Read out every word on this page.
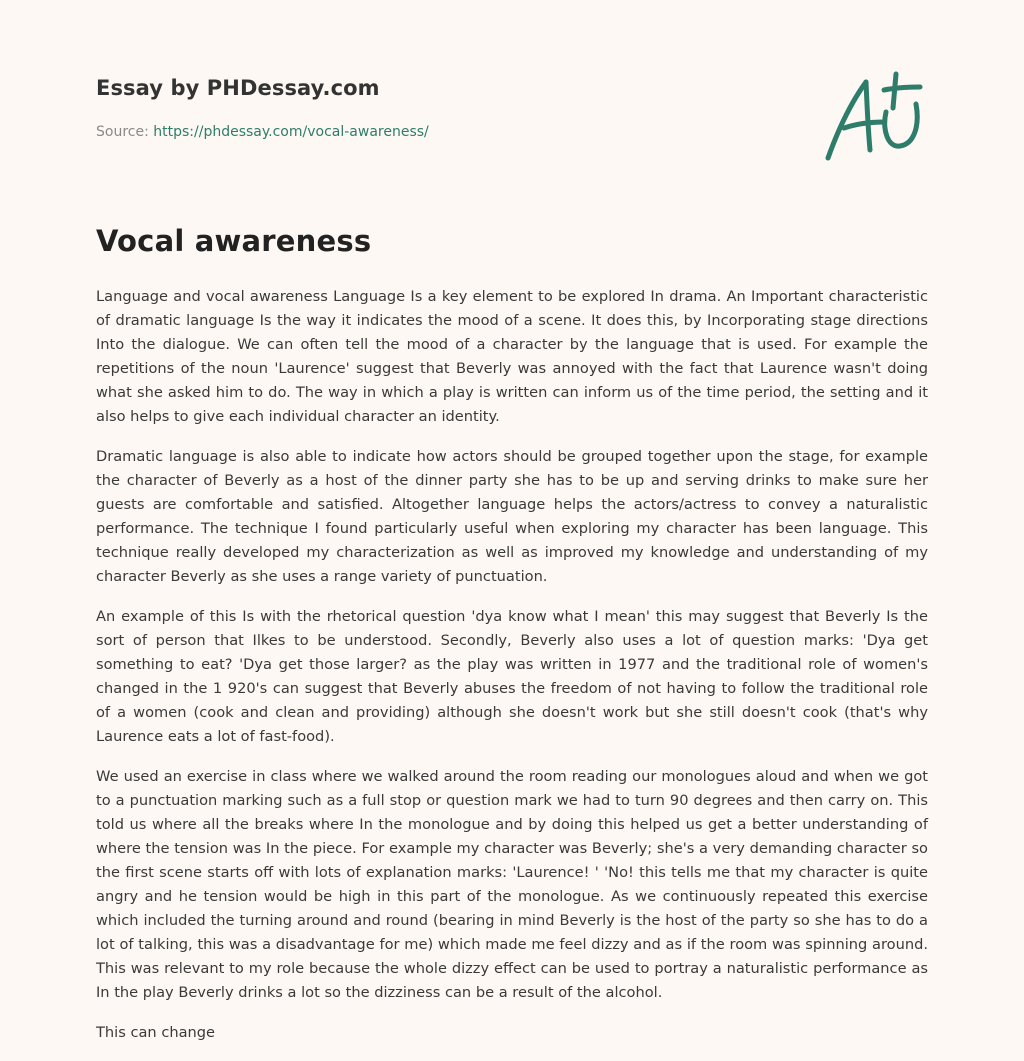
Essay by PHDessay.com
Source: https://phdessay.com/vocal-awareness/
Vocal awareness

Language and vocal awareness Language Is a key element to be explored In drama. An Important characteristic of dramatic language Is the way it indicates the mood of a scene. It does this, by Incorporating stage directions Into the dialogue. We can often tell the mood of a character by the language that is used. For example the repetitions of the noun 'Laurence' suggest that Beverly was annoyed with the fact that Laurence wasn't doing what she asked him to do. The way in which a play is written can inform us of the time period, the setting and it also helps to give each individual character an identity.

Dramatic language is also able to indicate how actors should be grouped together upon the stage, for example the character of Beverly as a host of the dinner party she has to be up and serving drinks to make sure her guests are comfortable and satisfied. Altogether language helps the actors/actress to convey a naturalistic performance. The technique I found particularly useful when exploring my character has been language. This technique really developed my characterization as well as improved my knowledge and understanding of my character Beverly as she uses a range variety of punctuation.

An example of this Is with the rhetorical question 'dya know what I mean' this may suggest that Beverly Is the sort of person that Ilkes to be understood. Secondly, Beverly also uses a lot of question marks: 'Dya get something to eat? 'Dya get those larger? as the play was written in 1977 and the traditional role of women's changed in the 1 920's can suggest that Beverly abuses the freedom of not having to follow the traditional role of a women (cook and clean and providing) although she doesn't work but she still doesn't cook (that's why Laurence eats a lot of fast-food).

We used an exercise in class where we walked around the room reading our monologues aloud and when we got to a punctuation marking such as a full stop or question mark we had to turn 90 degrees and then carry on. This told us where all the breaks where In the monologue and by doing this helped us get a better understanding of where the tension was In the piece. For example my character was Beverly; she's a very demanding character so the first scene starts off with lots of explanation marks: 'Laurence! ' 'No! this tells me that my character is quite angry and he tension would be high in this part of the monologue. As we continuously repeated this exercise which included the turning around and round (bearing in mind Beverly is the host of the party so she has to do a lot of talking, this was a disadvantage for me) which made me feel dizzy and as if the room was spinning around. This was relevant to my role because the whole dizzy effect can be used to portray a naturalistic performance as In the play Beverly drinks a lot so the dizziness can be a result of the alcohol.

This can change
